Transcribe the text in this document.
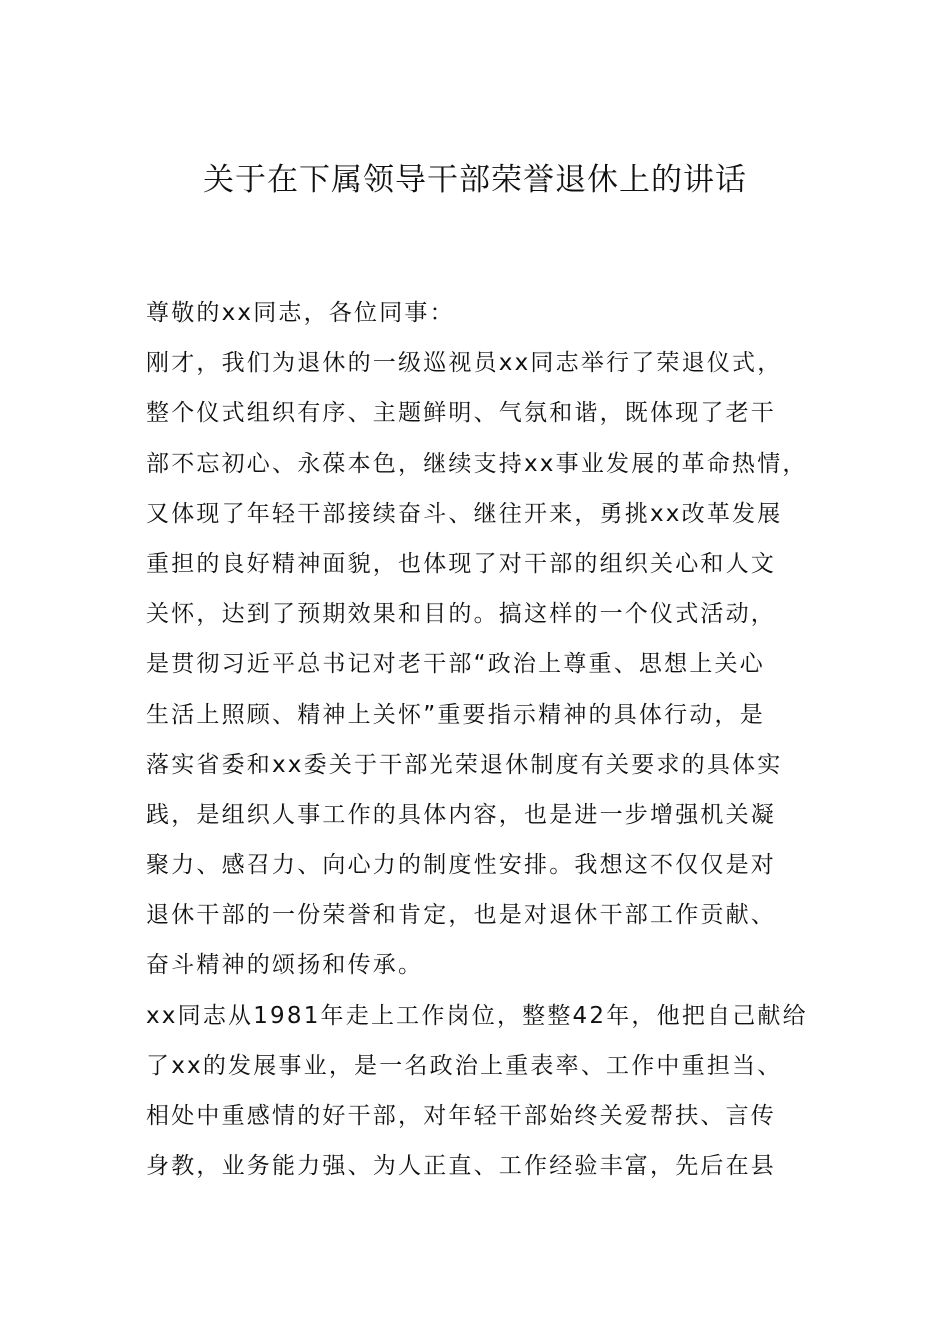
关于在下属领导干部荣誉退休上的讲话
尊敬的xx同志，各位同事：
刚才，我们为退休的一级巡视员xx同志举行了荣退仪式，
整个仪式组织有序、主题鲜明、气氛和谐，既体现了老干
部不忘初心、永葆本色，继续支持xx事业发展的革命热情，
又体现了年轻干部接续奋斗、继往开来，勇挑xx改革发展
重担的良好精神面貌，也体现了对干部的组织关心和人文
关怀，达到了预期效果和目的。搞这样的一个仪式活动，
是贯彻习近平总书记对老干部“政治上尊重、思想上关心
生活上照顾、精神上关怀”重要指示精神的具体行动，是
落实省委和xx委关于干部光荣退休制度有关要求的具体实
践，是组织人事工作的具体内容，也是进一步增强机关凝
聚力、感召力、向心力的制度性安排。我想这不仅仅是对
退休干部的一份荣誉和肯定，也是对退休干部工作贡献、
奋斗精神的颂扬和传承。
xx同志从1981年走上工作岗位，整整42年，他把自己献给
了xx的发展事业，是一名政治上重表率、工作中重担当、
相处中重感情的好干部，对年轻干部始终关爱帮扶、言传
身教，业务能力强、为人正直、工作经验丰富，先后在县
